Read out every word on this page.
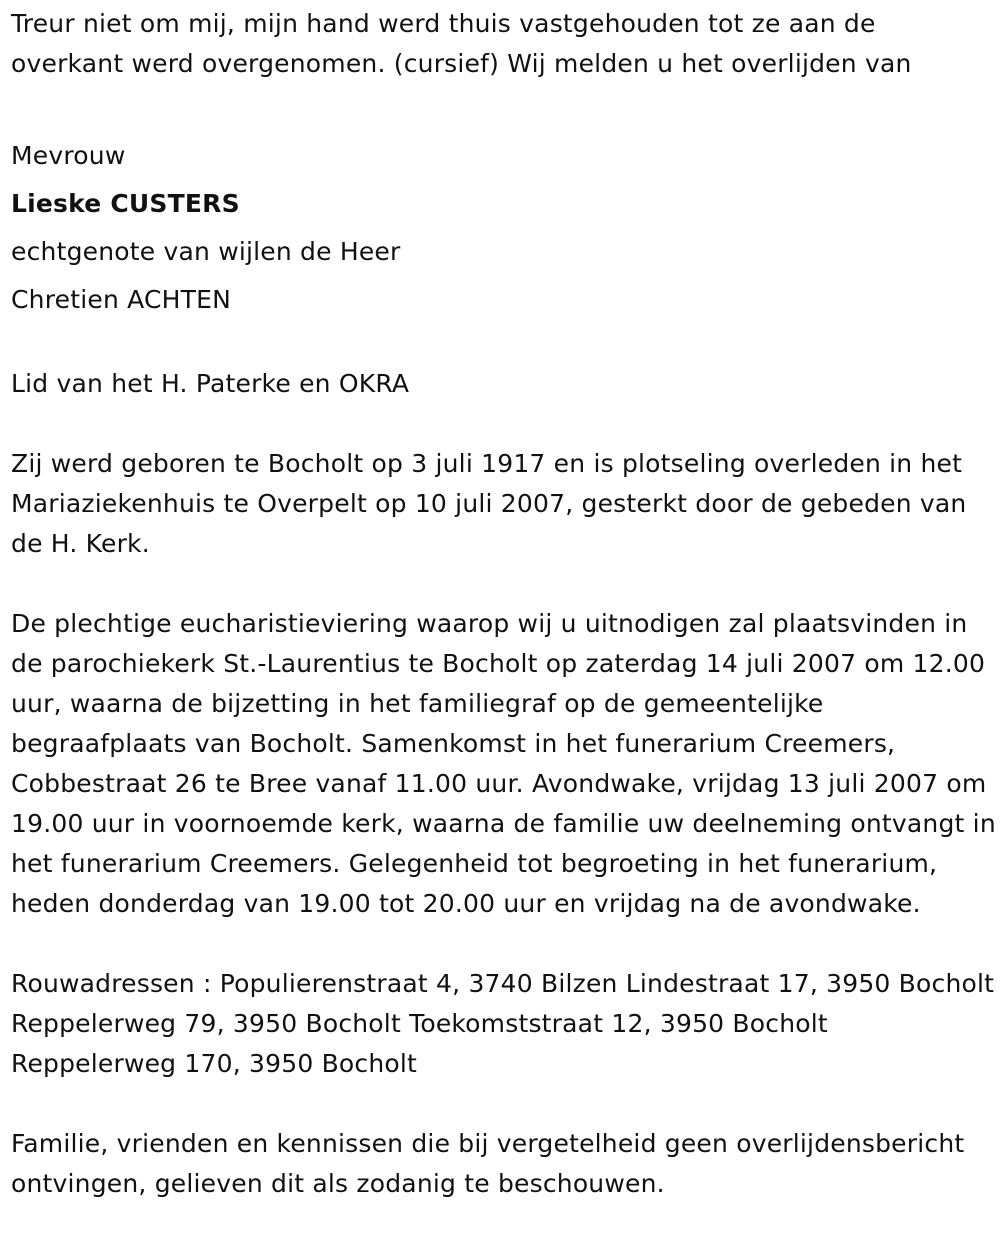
Treur niet om mij, mijn hand werd thuis vastgehouden tot ze aan de overkant werd overgenomen. (cursief) Wij melden u het overlijden van

Mevrouw

Lieske CUSTERS

echtgenote van wijlen de Heer

Chretien ACHTEN

Lid van het H. Paterke en OKRA

Zij werd geboren te Bocholt op 3 juli 1917 en is plotseling overleden in het Mariaziekenhuis te Overpelt op 10 juli 2007, gesterkt door de gebeden van de H. Kerk.

De plechtige eucharistieviering waarop wij u uitnodigen zal plaatsvinden in de parochiekerk St.-Laurentius te Bocholt op zaterdag 14 juli 2007 om 12.00 uur, waarna de bijzetting in het familiegraf op de gemeentelijke begraafplaats van Bocholt. Samenkomst in het funerarium Creemers, Cobbestraat 26 te Bree vanaf 11.00 uur. Avondwake, vrijdag 13 juli 2007 om 19.00 uur in voornoemde kerk, waarna de familie uw deelneming ontvangt in het funerarium Creemers. Gelegenheid tot begroeting in het funerarium, heden donderdag van 19.00 tot 20.00 uur en vrijdag na de avondwake.

Rouwadressen : Populierenstraat 4, 3740 Bilzen Lindestraat 17, 3950 Bocholt Reppelerweg 79, 3950 Bocholt Toekomststraat 12, 3950 Bocholt Reppelerweg 170, 3950 Bocholt

Familie, vrienden en kennissen die bij vergetelheid geen overlijdensbericht ontvingen, gelieven dit als zodanig te beschouwen.
